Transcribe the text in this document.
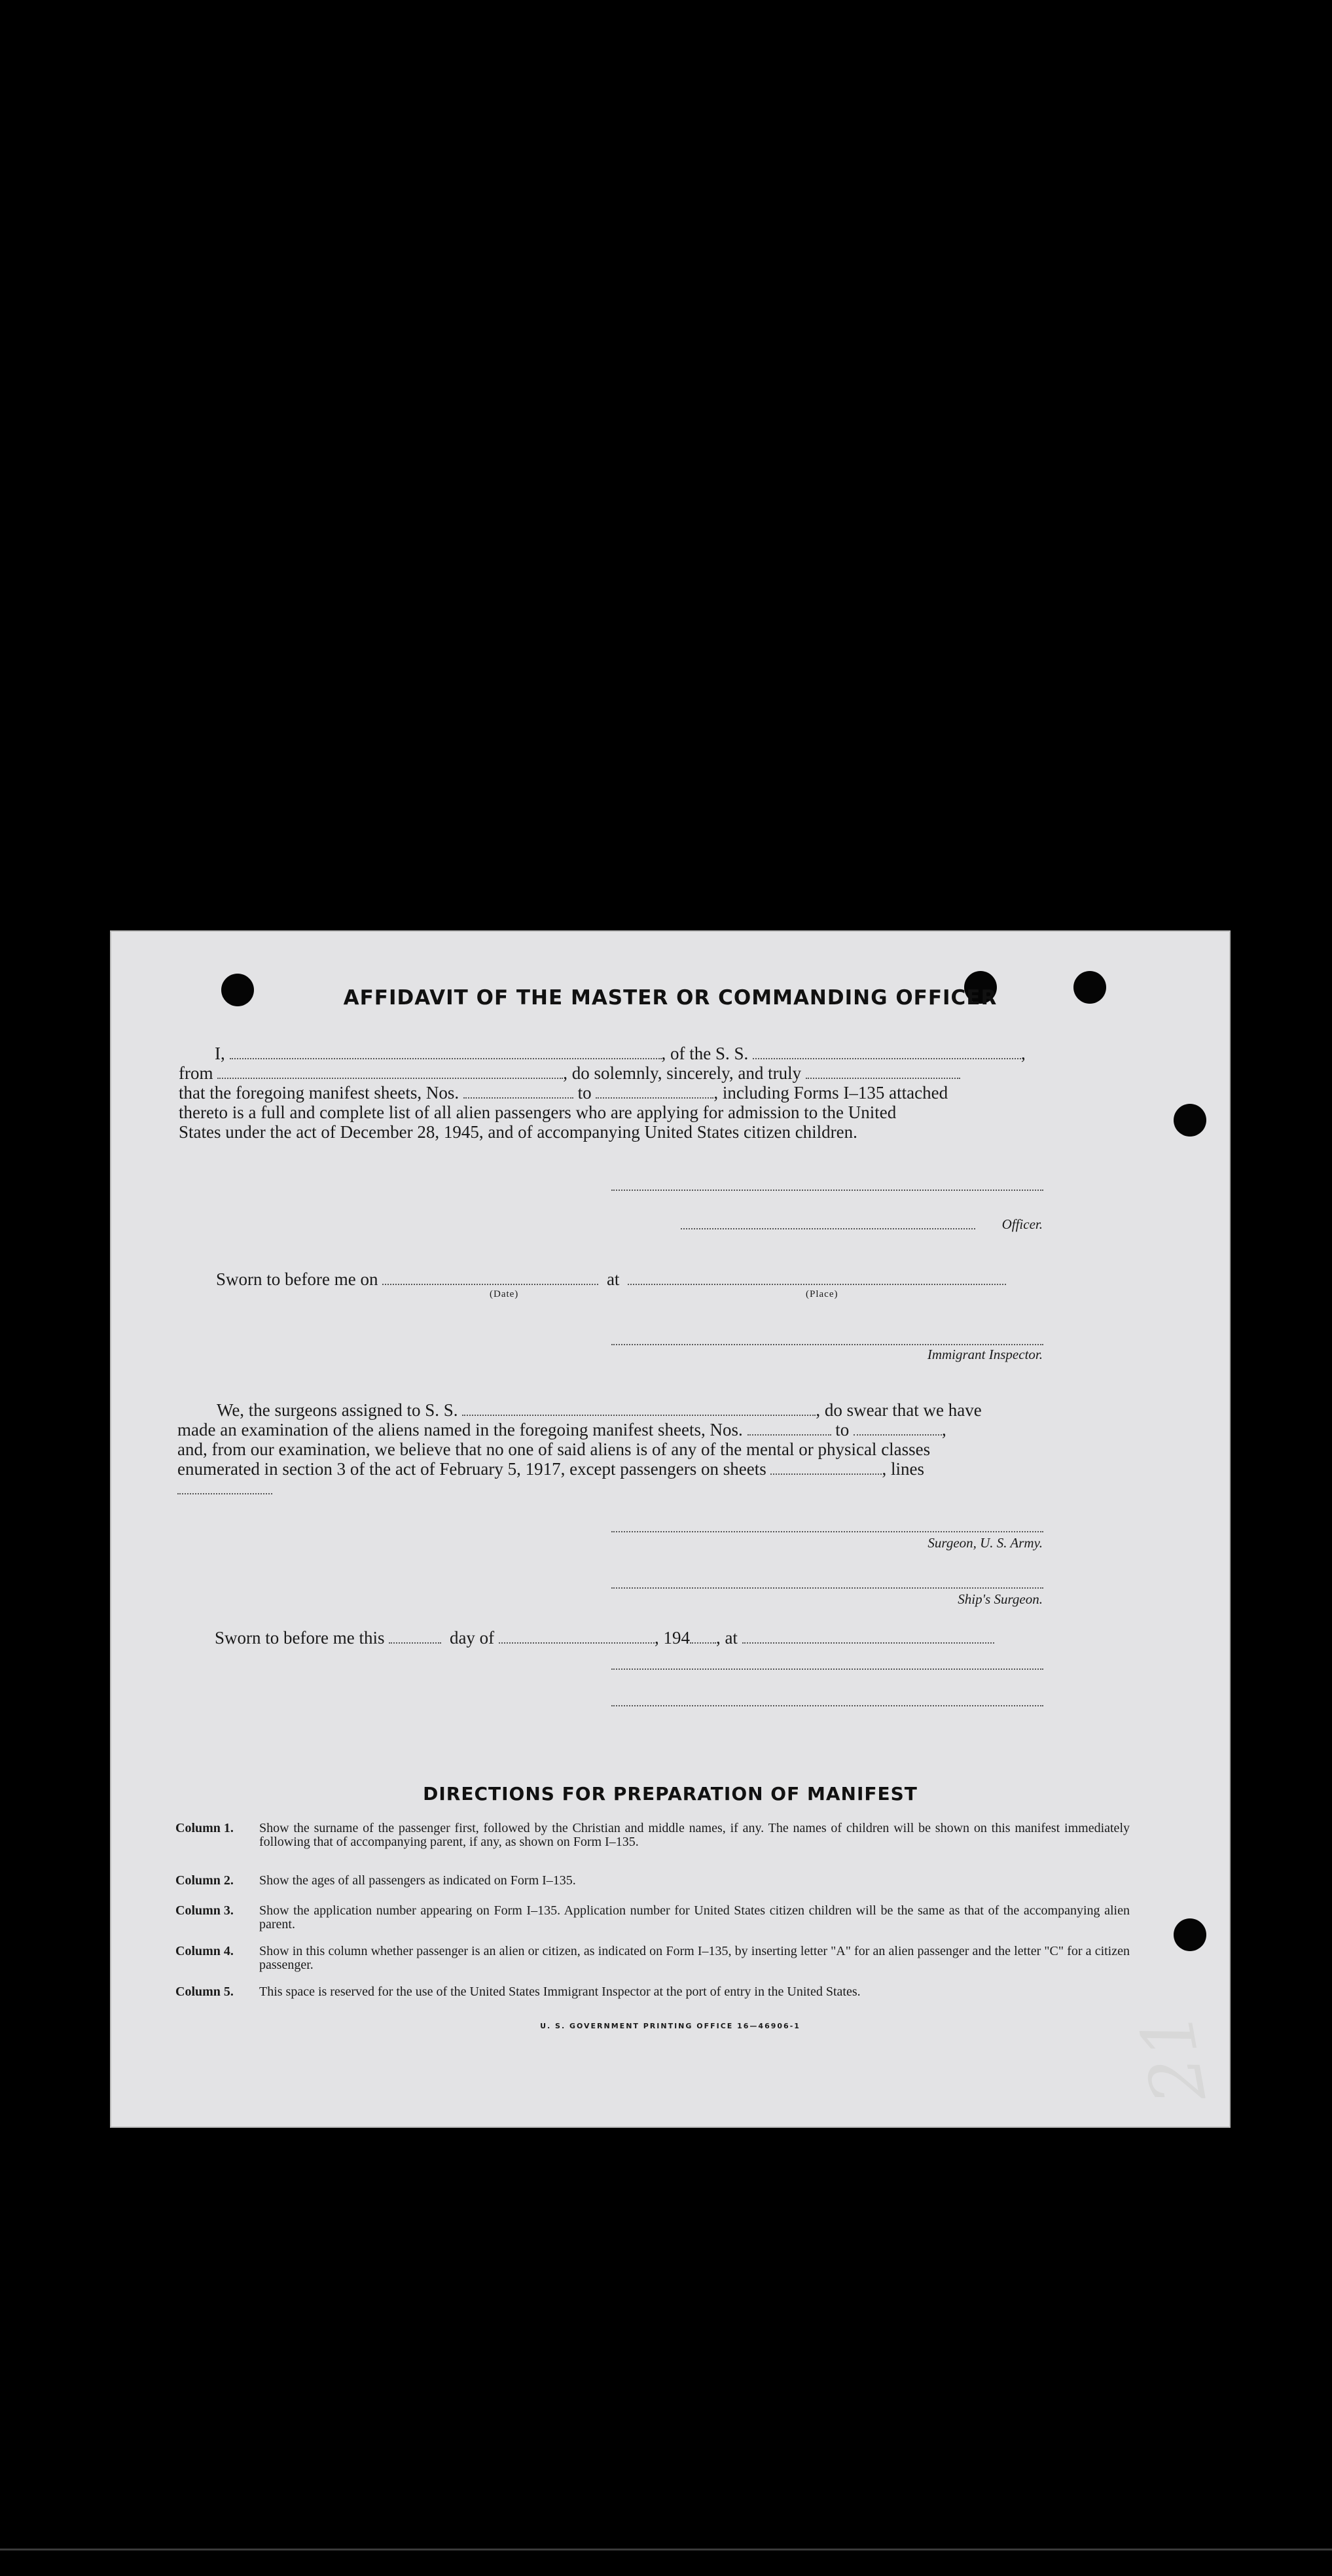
AFFIDAVIT OF THE MASTER OR COMMANDING OFFICER
I,	, of the S. S.	,
from	, do solemnly, sincerely, and truly
that the foregoing manifest sheets, Nos.	to	, including Forms I–135 attached
thereto is a full and complete list of all alien passengers who are applying for admission to the United
States under the act of December 28, 1945, and of accompanying United States citizen children.
Officer.
Sworn to before me on	at
(Date)	(Place)
Immigrant Inspector.
We, the surgeons assigned to S. S.	, do swear that we have
made an examination of the aliens named in the foregoing manifest sheets, Nos.	to	,
and, from our examination, we believe that no one of said aliens is of any of the mental or physical classes
enumerated in section 3 of the act of February 5, 1917, except passengers on sheets	, lines
Surgeon, U. S. Army.
Ship's Surgeon.
Sworn to before me this	day of	, 194 , at
DIRECTIONS FOR PREPARATION OF MANIFEST
Column 1.	Show the surname of the passenger first, followed by the Christian and middle names, if any. The names of children will be shown on this manifest immediately following that of accompanying parent, if any, as shown on Form I–135.
Column 2.	Show the ages of all passengers as indicated on Form I–135.
Column 3.	Show the application number appearing on Form I–135. Application number for United States citizen children will be the same as that of the accompanying alien parent.
Column 4.	Show in this column whether passenger is an alien or citizen, as indicated on Form I–135, by inserting letter "A" for an alien passenger and the letter "C" for a citizen passenger.
Column 5.	This space is reserved for the use of the United States Immigrant Inspector at the port of entry in the United States.
U. S. GOVERNMENT PRINTING OFFICE 16—46906-1	21
